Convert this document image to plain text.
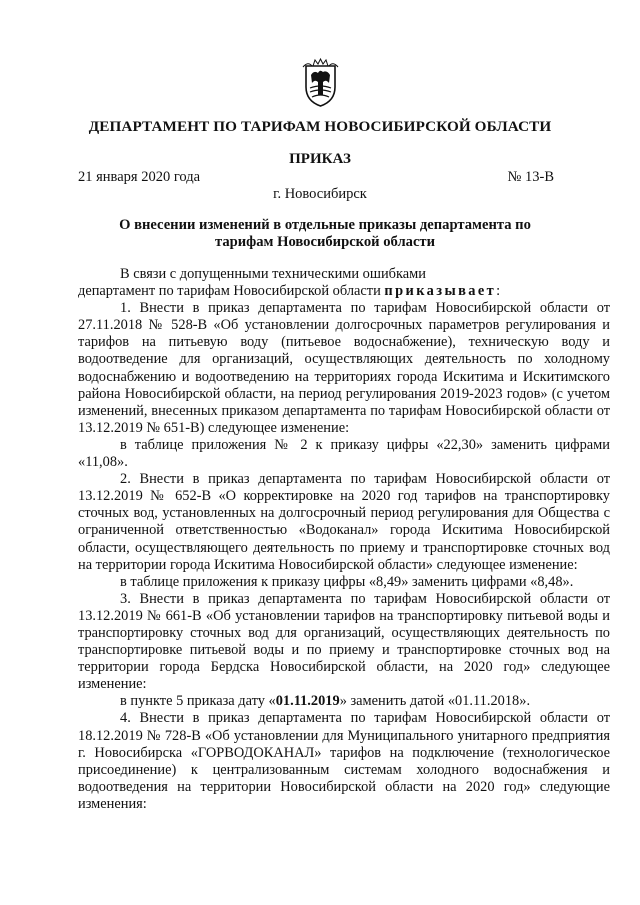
ДЕПАРТАМЕНТ ПО ТАРИФАМ НОВОСИБИРСКОЙ ОБЛАСТИ
ПРИКАЗ
21 января 2020 года	№ 13-В
г. Новосибирск
О внесении изменений в отдельные приказы департамента по тарифам Новосибирской области

В связи с допущенными техническими ошибками

департамент по тарифам Новосибирской области приказывает:

1. Внести в приказ департамента по тарифам Новосибирской области от 27.11.2018 № 528-В «Об установлении долгосрочных параметров регулирования и тарифов на питьевую воду (питьевое водоснабжение), техническую воду и водоотведение для организаций, осуществляющих деятельность по холодному водоснабжению и водоотведению на территориях города Искитима и Искитимского района Новосибирской области, на период регулирования 2019-2023 годов» (с учетом изменений, внесенных приказом департамента по тарифам Новосибирской области от 13.12.2019 № 651-В) следующее изменение:

в таблице приложения № 2 к приказу цифры «22,30» заменить цифрами «11,08».

2. Внести в приказ департамента по тарифам Новосибирской области от 13.12.2019 № 652-В «О корректировке на 2020 год тарифов на транспортировку сточных вод, установленных на долгосрочный период регулирования для Общества с ограниченной ответственностью «Водоканал» города Искитима Новосибирской области, осуществляющего деятельность по приему и транспортировке сточных вод на территории города Искитима Новосибирской области» следующее изменение:

в таблице приложения к приказу цифры «8,49» заменить цифрами «8,48».

3. Внести в приказ департамента по тарифам Новосибирской области от 13.12.2019 № 661-В «Об установлении тарифов на транспортировку питьевой воды и транспортировку сточных вод для организаций, осуществляющих деятельность по транспортировке питьевой воды и по приему и транспортировке сточных вод на территории города Бердска Новосибирской области, на 2020 год» следующее изменение:

в пункте 5 приказа дату «01.11.2019» заменить датой «01.11.2018».

4. Внести в приказ департамента по тарифам Новосибирской области от 18.12.2019 № 728-В «Об установлении для Муниципального унитарного предприятия г. Новосибирска «ГОРВОДОКАНАЛ» тарифов на подключение (технологическое присоединение) к централизованным системам холодного водоснабжения и водоотведения на территории Новосибирской области на 2020 год» следующие изменения:
